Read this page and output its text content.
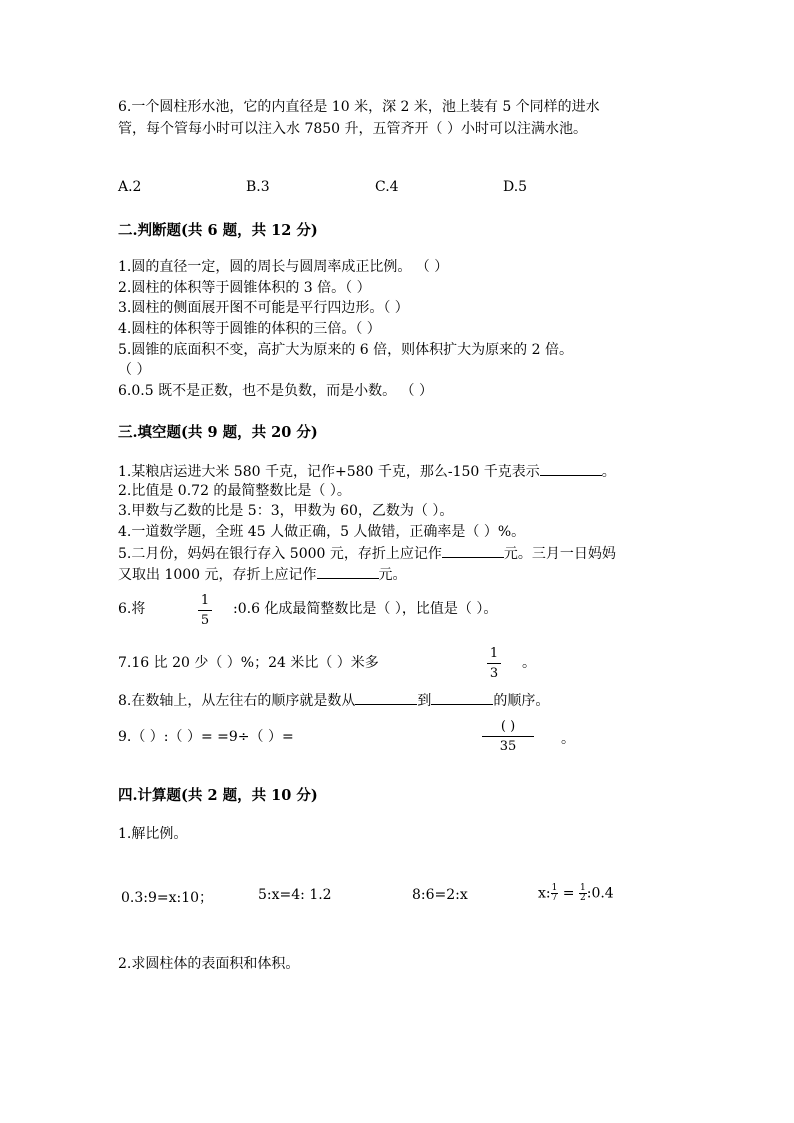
6.一个圆柱形水池，它的内直径是 10 米，深 2 米，池上装有 5 个同样的进水
管，每个管每小时可以注入水 7850 升，五管齐开（ ）小时可以注满水池。
A.2	B.3	C.4	D.5
二.判断题(共 6 题，共 12 分)
1.圆的直径一定，圆的周长与圆周率成正比例。 （ ）
2.圆柱的体积等于圆锥体积的 3 倍。（ ）
3.圆柱的侧面展开图不可能是平行四边形。（ ）
4.圆柱的体积等于圆锥的体积的三倍。（ ）
5.圆锥的底面积不变，高扩大为原来的 6 倍，则体积扩大为原来的 2 倍。
（ ）
6.0.5 既不是正数，也不是负数，而是小数。 （ ）
三.填空题(共 9 题，共 20 分)
1.某粮店运进大米 580 千克，记作+580 千克，那么-150 千克表示	。
2.比值是 0.72 的最简整数比是（ ）。
3.甲数与乙数的比是 5：3，甲数为 60，乙数为（ ）。
4.一道数学题，全班 45 人做正确，5 人做错，正确率是（ ）%。
5.二月份，妈妈在银行存入 5000 元，存折上应记作	元。三月一日妈妈
又取出 1000 元，存折上应记作	元。
6.将
1
5
:0.6 化成最简整数比是（ ），比值是（ ）。
7.16 比 20 少（ ）%；24 米比（ ）米多
1
3
。
8.在数轴上，从左往右的顺序就是数从	到	的顺序。
9.（ ）:（ ）= =9÷（ ）=
( )
35	。
四.计算题(共 2 题，共 10 分)
1.解比例。
0.3:9=x:10；	5:x=4: 1.2	8:6=2:x	x: $\frac{1}{7} = \frac{1}{2}$ :0.4
2.求圆柱体的表面积和体积。
